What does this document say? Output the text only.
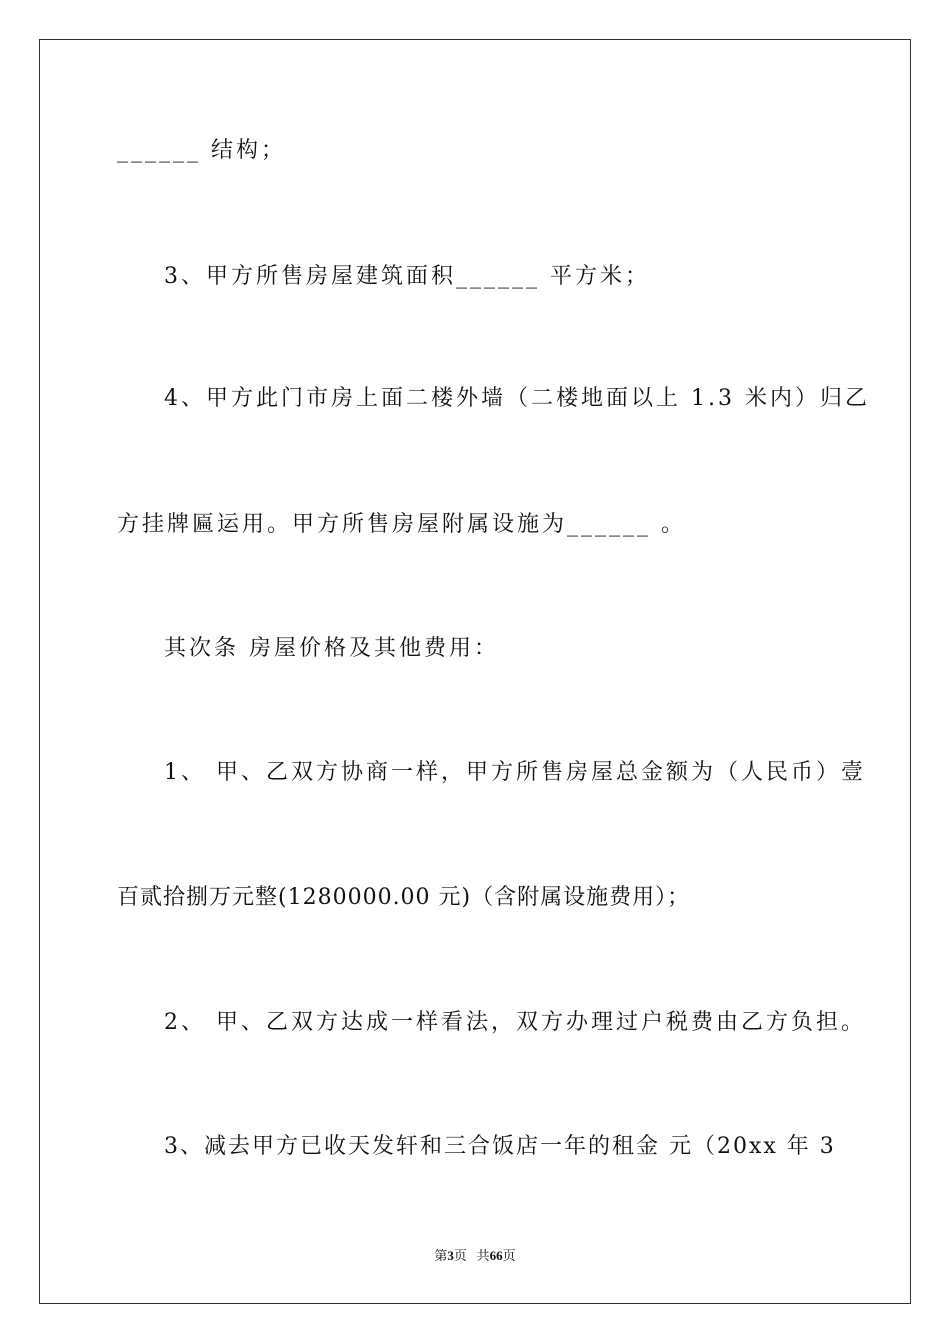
______ 结构；
3、甲方所售房屋建筑面积______ 平方米；
4、甲方此门市房上面二楼外墙（二楼地面以上 1.3 米内）归乙
方挂牌匾运用。甲方所售房屋附属设施为______ 。
其次条 房屋价格及其他费用：
1、 甲、乙双方协商一样，甲方所售房屋总金额为（人民币）壹
百贰拾捌万元整(1280000.00 元)（含附属设施费用）；
2、 甲、乙双方达成一样看法，双方办理过户税费由乙方负担。
3、减去甲方已收天发轩和三合饭店一年的租金 元（20xx 年 3
第3页 共66页
